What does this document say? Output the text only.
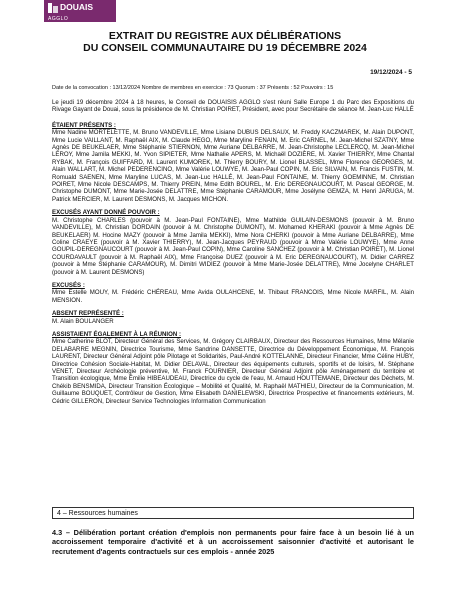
DOUAIS
AGGLO
EXTRAIT DU REGISTRE AUX DÉLIBÉRATIONS
DU CONSEIL COMMUNAUTAIRE DU 19 DÉCEMBRE 2024
19/12/2024 - 5
Date de la convocation : 13/12/2024 Nombre de membres en exercice : 73 Quorum : 37 Présents : 52 Pouvoirs : 15

Le jeudi 19 décembre 2024 à 18 heures, le Conseil de DOUAISIS AGGLO s'est réuni Salle Europe 1 du Parc des Expositions du Rivage Gayant de Douai, sous la présidence de M. Christian POIRET, Président, avec pour Secrétaire de séance M. Jean-Luc HALLÉ

ÉTAIENT PRÉSENTS :

Mme Nadine MORTELETTE, M. Bruno VANDEVILLE, Mme Lisiane DUBUS DELSAUX, M. Freddy KACZMAREK, M. Alain DUPONT, Mme Lucie VAILLANT, M. Raphaël AIX, M. Claude HEGO, Mme Maryline FENAIN, M. Eric CARNEL, M. Jean-Michel SZATNY, Mme Agnès DE BEUKELAER, Mme Stéphanie STIERNON, Mme Auriane DELBARRE, M. Jean-Christophe LECLERCQ, M. Jean-Michel LEROY, Mme Jamila MEKKI, M. Yvon SIPIETER, Mme Nathalie APERS, M. Michaël DOZIÈRE, M. Xavier THIERRY, Mme Chantal RYBAK, M. François GUIFFARD, M. Laurent KUMOREK, M. Thierry BOURY, M. Lionel BLASSEL, Mme Florence GEORGES, M. Alain WALLART, M. Michel PEDERENCINO, Mme Valérie LOUWYE, M. Jean-Paul COPIN, M. Eric SILVAIN, M. Francis FUSTIN, M. Romuald SAENEN, Mme Maryline LUCAS, M. Jean-Luc HALLÉ, M. Jean-Paul FONTAINE, M. Thierry GOEMINNE, M. Christian POIRET, Mme Nicole DESCAMPS, M. Thierry PREIN, Mme Edith BOUREL, M. Eric DEREGNAUCOURT, M. Pascal GEORGE, M. Christophe DUMONT, Mme Marie-Josée DELATTRE, Mme Stéphanie CARAMOUR, Mme Josélyne GEMZA, M. Henri JARUGA, M. Patrick MERCIER, M. Laurent DESMONS, M. Jacques MICHON.

EXCUSÉS AYANT DONNÉ POUVOIR :

M. Christophe CHARLES (pouvoir à M. Jean-Paul FONTAINE), Mme Mathilde GUILAIN-DESMONS (pouvoir à M. Bruno VANDEVILLE), M. Christian DORDAIN (pouvoir à M. Christophe DUMONT), M. Mohamed KHERAKI (pouvoir à Mme Agnès DE BEUKELAER) M. Hocine MAZY (pouvoir à Mme Jamila MEKKI), Mme Nora CHERKI (pouvoir à Mme Auriane DELBARRE), Mme Coline CRAEYE (pouvoir à M. Xavier THIERRY), M. Jean-Jacques PEYRAUD (pouvoir à Mme Valérie LOUWYE), Mme Anne GOUPIL-DEREGNAUCOURT (pouvoir à M. Jean-Paul COPIN), Mme Caroline SANCHEZ (pouvoir à M. Christian POIRET), M. Lionel COURDAVAULT (pouvoir à M. Raphaël AIX), Mme Françoise DUEZ (pouvoir à M. Eric DEREGNAUCOURT), M. Didier CARREZ (pouvoir à Mme Stéphanie CARAMOUR), M. Dimitri WIDIEZ (pouvoir à Mme Marie-Josée DELATTRE), Mme Jocelyne CHARLET (pouvoir à M. Laurent DESMONS)

EXCUSÉS :

Mme Estelle MOUY, M. Frédéric CHÉREAU, Mme Avida OULAHCENE, M. Thibaut FRANCOIS, Mme Nicole MARFIL, M. Alain MENSION.

ABSENT REPRÉSENTÉ :

M. Alain BOULANGER

ASSISTAIENT ÉGALEMENT À LA RÉUNION :

Mme Catherine BLOT, Directeur Général des Services, M. Grégory CLAIRBAUX, Directeur des Ressources Humaines, Mme Mélanie DELABARRE MEGNIN, Directrice Tourisme, Mme Sandrine DANSETTE, Directrice du Développement Économique, M. François LAURENT, Directeur Général Adjoint pôle Pilotage et Solidarités, Paul-André KOTTELANNE, Directeur Financier, Mme Céline HUBY, Directrice Cohésion Sociale-Habitat, M. Didier DELAVAL, Directeur des équipements culturels, sportifs et de loisirs, M. Stéphane VENET, Directeur Archéologie préventive, M. Franck FOURNIER, Directeur Général Adjoint pôle Aménagement du territoire et Transition écologique, Mme Émilie HIBEAUDEAU, Directrice du cycle de l'eau, M. Arnaud HOUTTEMANE, Directeur des Déchets, M. Chékib BENSMIDA, Directeur Transition Écologique – Mobilité et Qualité, M. Raphaël MATHIEU, Directeur de la Communication, M. Guillaume BOUQUET, Contrôleur de Gestion, Mme Elisabeth DANIELEWSKI, Directrice Prospective et financements extérieurs, M. Cédric GILLERON, Directeur Service Technologies Information Communication

4 – Ressources humaines
4.3 – Délibération portant création d'emplois non permanents pour faire face à un besoin lié à un accroissement temporaire d'activité et à un accroissement saisonnier d'activité et autorisant le recrutement d'agents contractuels sur ces emplois - année 2025
